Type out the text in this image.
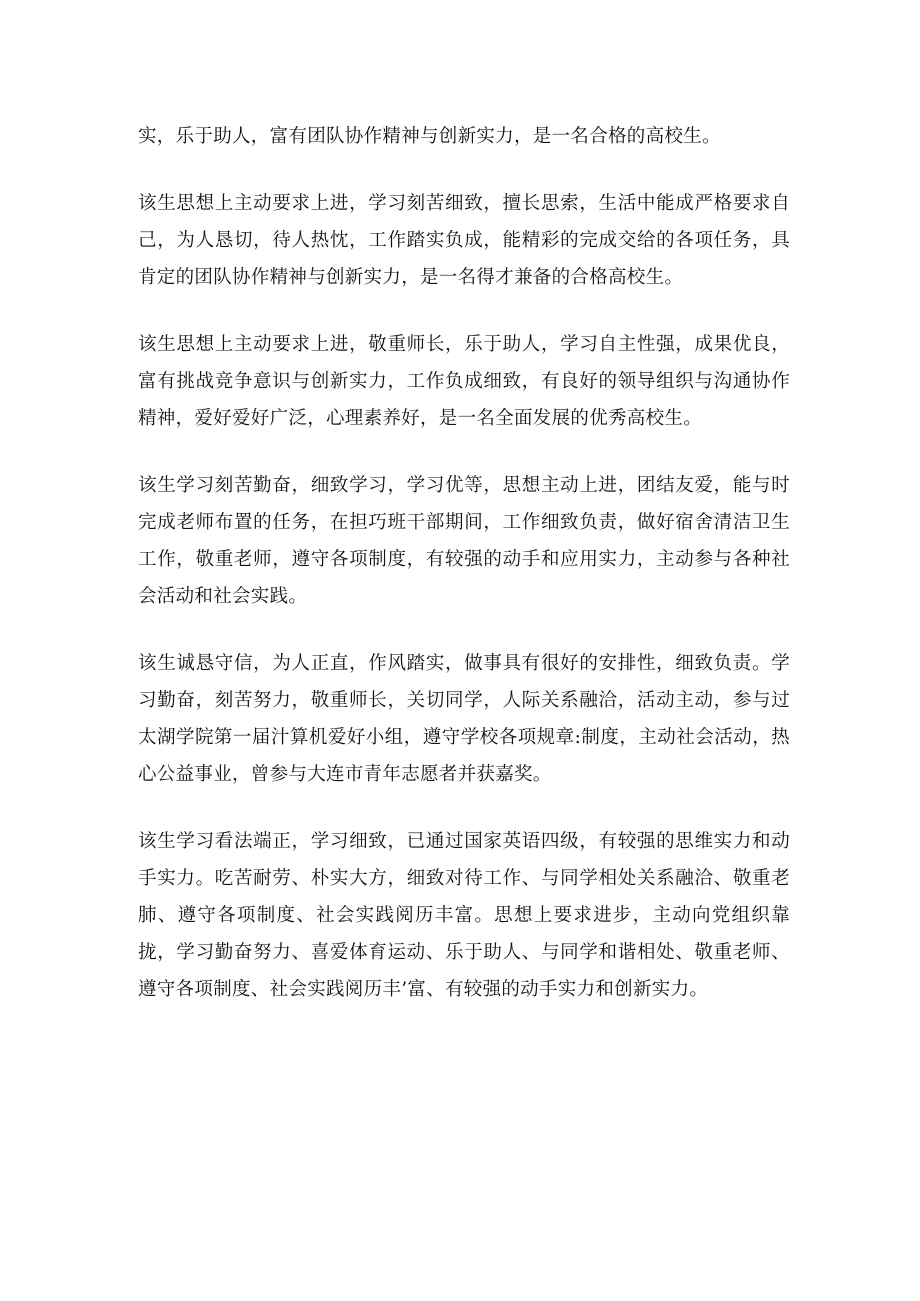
实，乐于助人，富有团队协作精神与创新实力，是一名合格的高校生。

该生思想上主动要求上进，学习刻苦细致，擅长思索，生活中能成严格要求自己，为人恳切，待人热忱，工作踏实负成，能精彩的完成交给的各项任务，具肯定的团队协作精神与创新实力，是一名得才兼备的合格高校生。

该生思想上主动要求上进，敬重师长，乐于助人，学习自主性强，成果优良，富有挑战竞争意识与创新实力，工作负成细致，有良好的领导组织与沟通协作精神，爱好爱好广泛，心理素养好，是一名全面发展的优秀高校生。

该生学习刻苦勤奋，细致学习，学习优等，思想主动上进，团结友爱，能与时完成老师布置的任务，在担巧班干部期间，工作细致负责，做好宿舍清洁卫生工作，敬重老师，遵守各项制度，有较强的动手和应用实力，主动参与各种社会活动和社会实践。

该生诚恳守信，为人正直，作风踏实，做事具有很好的安排性，细致负责。学习勤奋，刻苦努力，敬重师长，关切同学，人际关系融洽，活动主动，参与过太湖学院第一届汁算机爱好小组，遵守学校各项规章:制度，主动社会活动，热心公益事业，曾参与大连市青年志愿者并获嘉奖。

该生学习看法端正，学习细致，已通过国家英语四级，有较强的思维实力和动手实力。吃苦耐劳、朴实大方，细致对待工作、与同学相处关系融洽、敬重老肺、遵守各项制度、社会实践阅历丰富。思想上要求进步，主动向党组织靠拢，学习勤奋努力、喜爱体育运动、乐于助人、与同学和谐相处、敬重老师、遵守各项制度、社会实践阅历丰’富、有较强的动手实力和创新实力。
